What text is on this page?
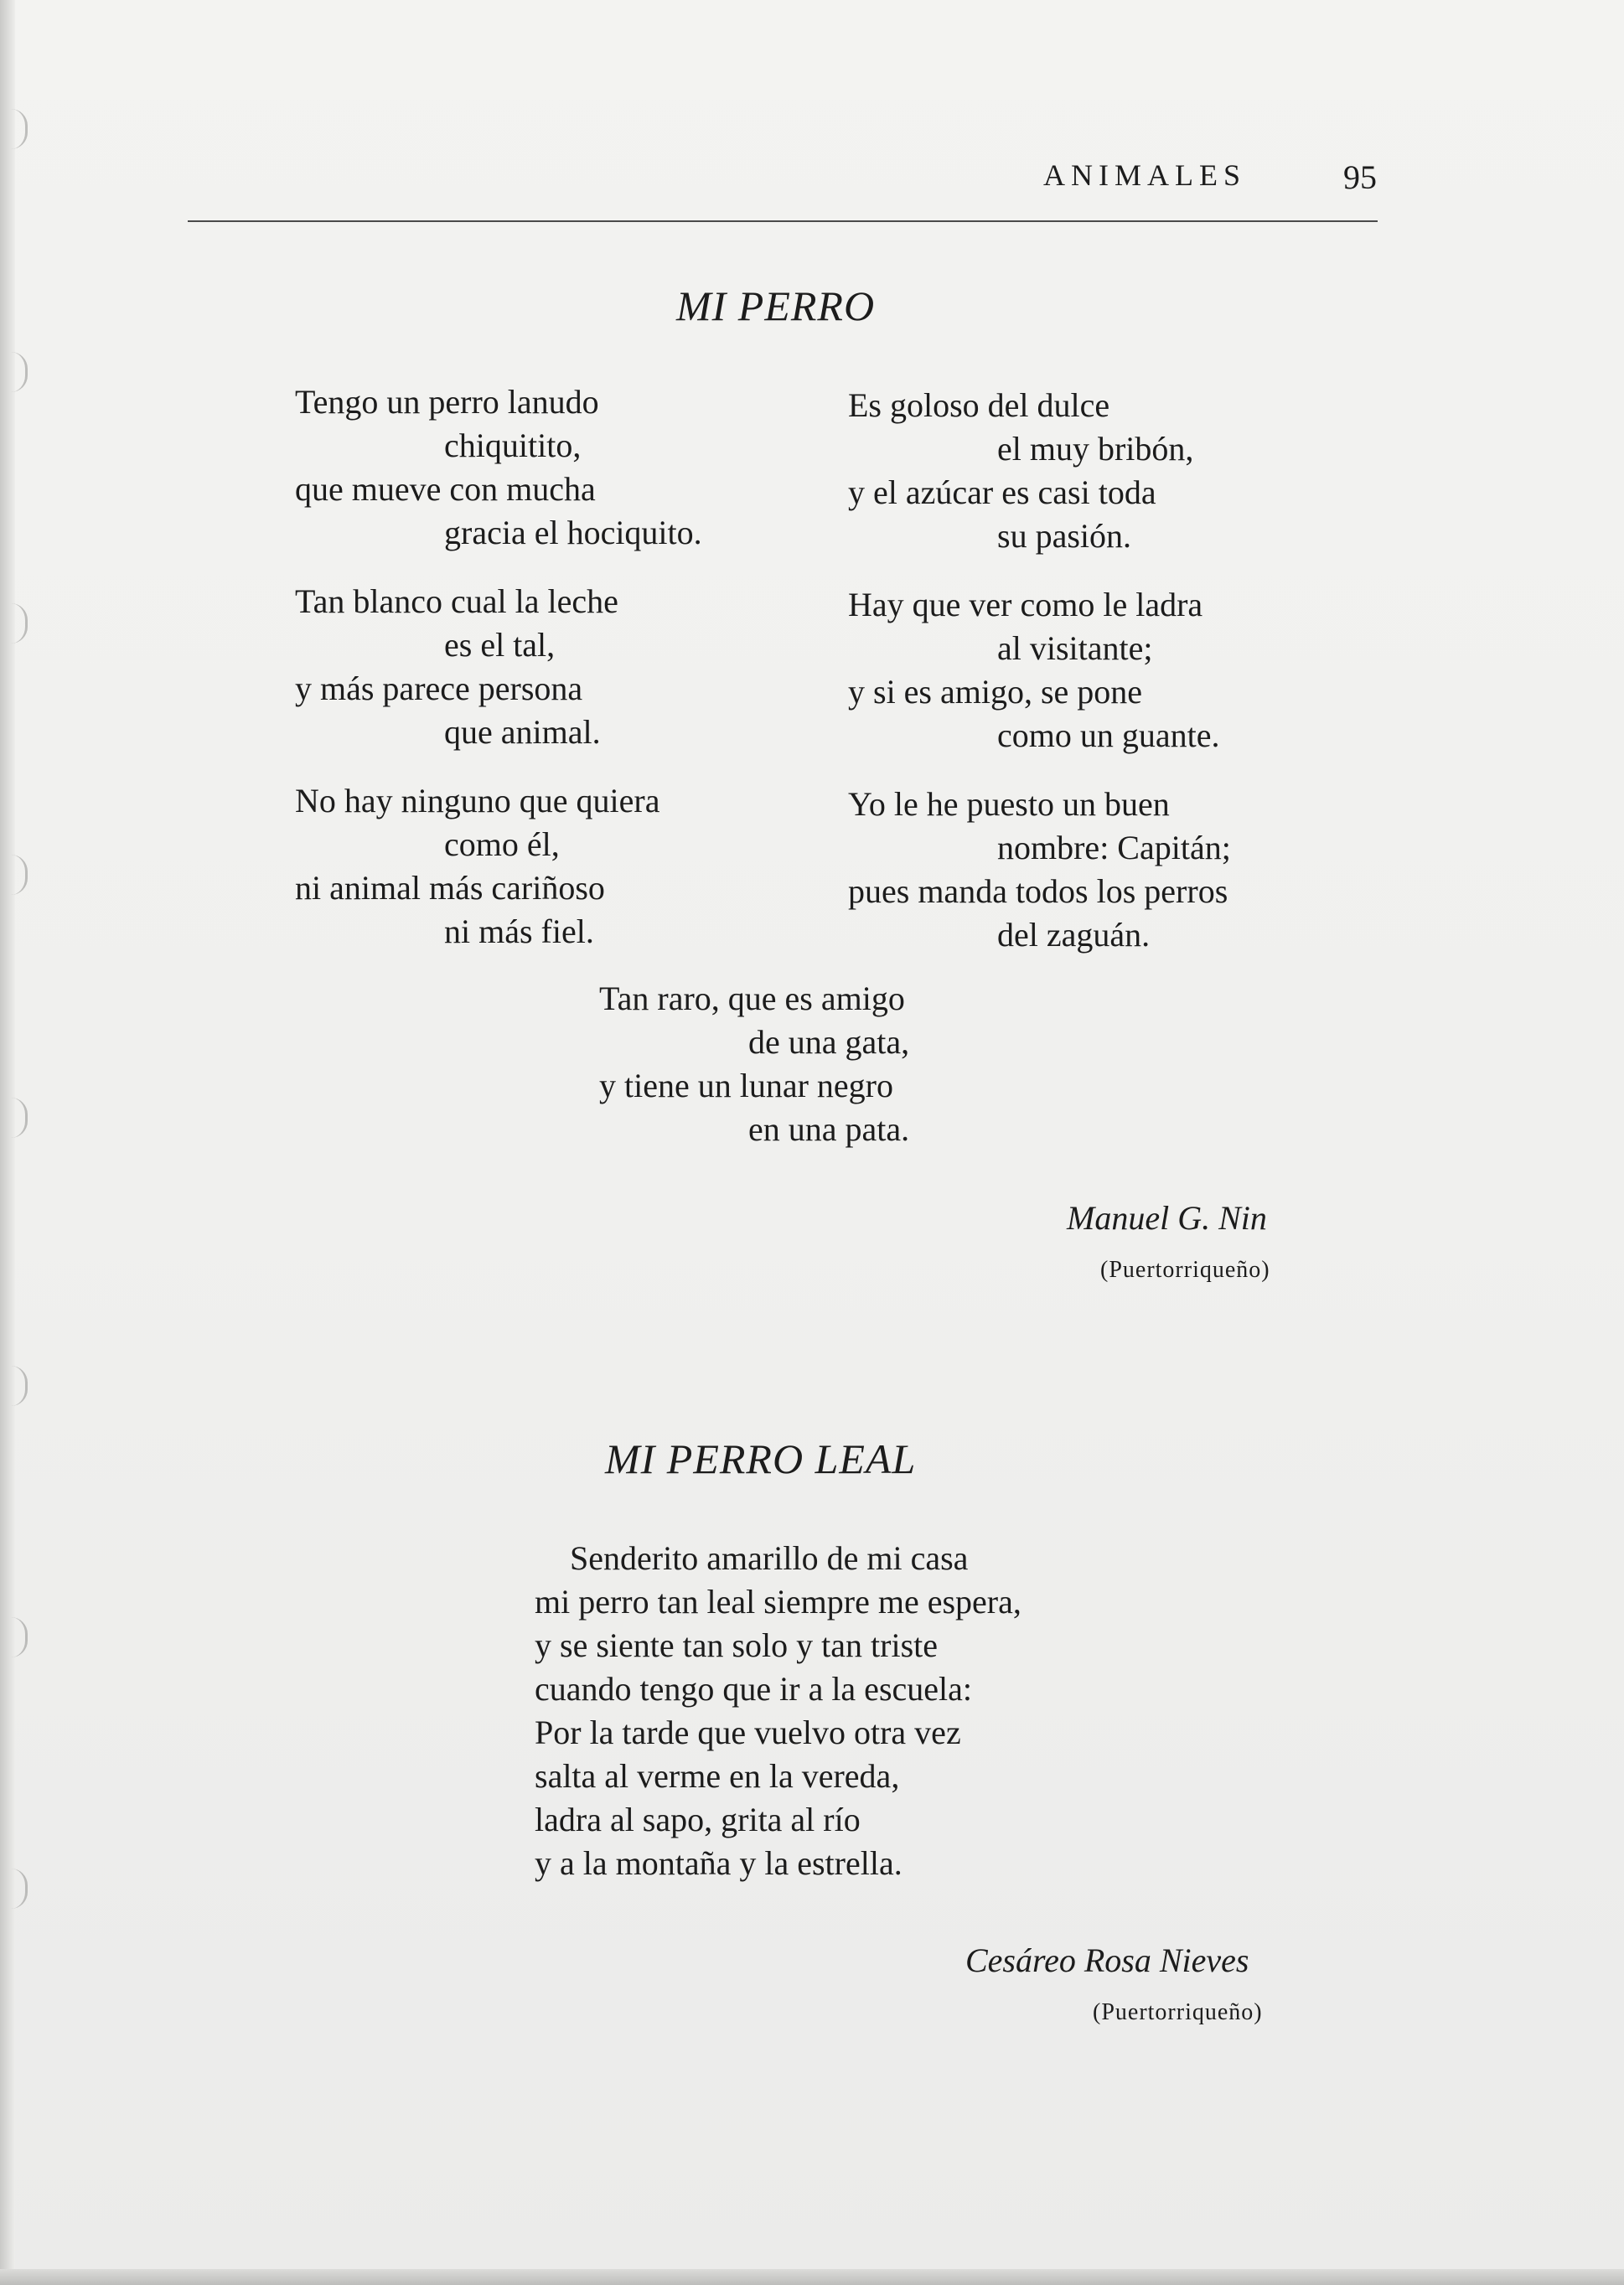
ANIMALES	95
MI PERRO
Tengo un perro lanudo
chiquitito,
que mueve con mucha
gracia el hociquito.
Tan blanco cual la leche
es el tal,
y más parece persona
que animal.
No hay ninguno que quiera
como él,
ni animal más cariñoso
ni más fiel.
Es goloso del dulce
el muy bribón,
y el azúcar es casi toda
su pasión.
Hay que ver como le ladra
al visitante;
y si es amigo, se pone
como un guante.
Yo le he puesto un buen
nombre: Capitán;
pues manda todos los perros
del zaguán.
Tan raro, que es amigo
de una gata,
y tiene un lunar negro
en una pata.
Manuel G. Nin
(Puertorriqueño)
MI PERRO LEAL
Senderito amarillo de mi casa
mi perro tan leal siempre me espera,
y se siente tan solo y tan triste
cuando tengo que ir a la escuela:
Por la tarde que vuelvo otra vez
salta al verme en la vereda,
ladra al sapo, grita al río
y a la montaña y la estrella.
Cesáreo Rosa Nieves
(Puertorriqueño)
